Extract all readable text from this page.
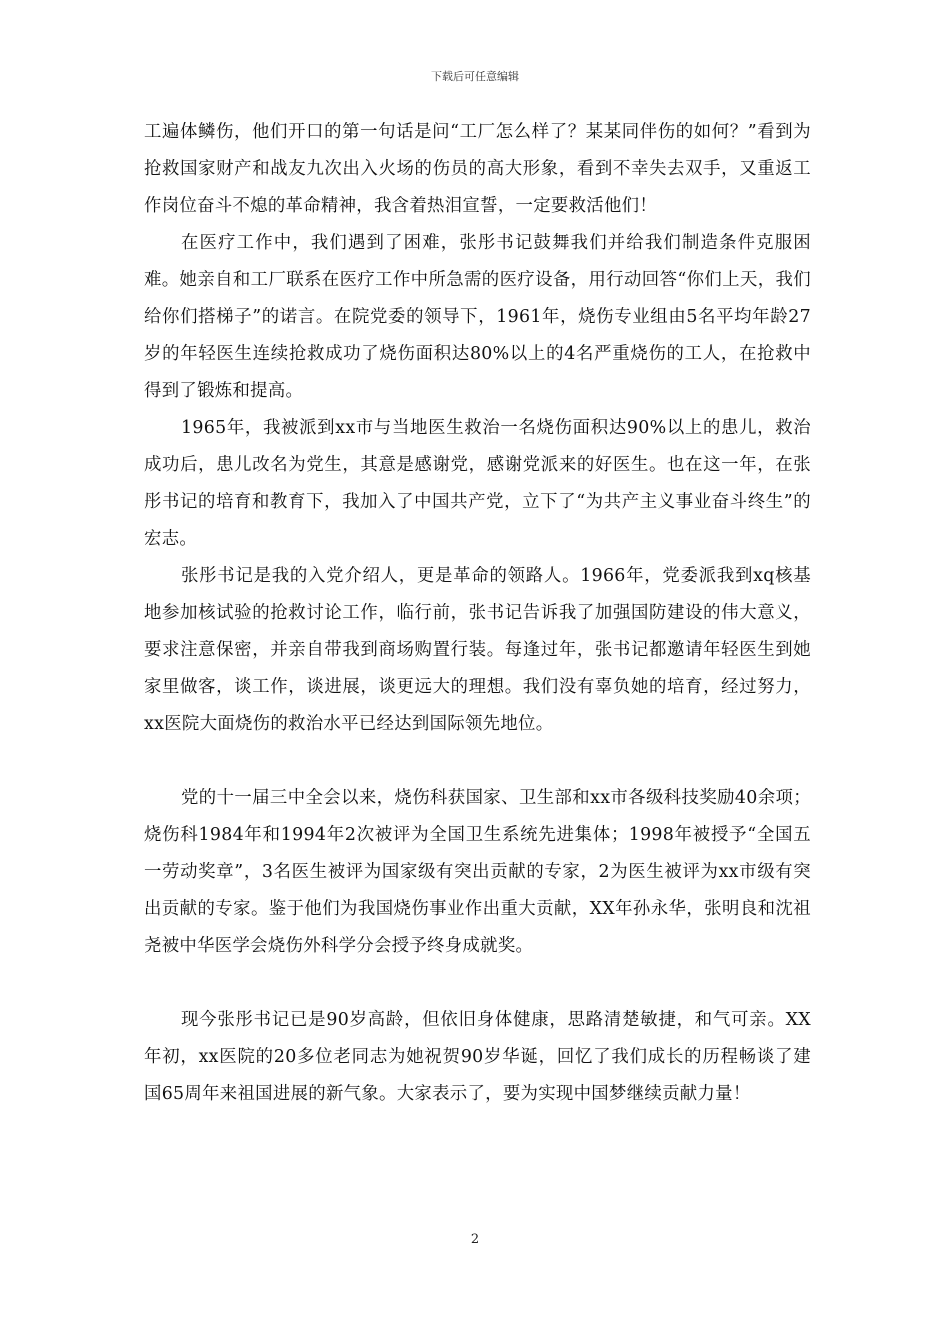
下载后可任意编辑

工遍体鳞伤，他们开口的第一句话是问“工厂怎么样了？某某同伴伤的如何？”看到为抢救国家财产和战友九次出入火场的伤员的高大形象，看到不幸失去双手，又重返工作岗位奋斗不熄的革命精神，我含着热泪宣誓，一定要救活他们！

在医疗工作中，我们遇到了困难，张彤书记鼓舞我们并给我们制造条件克服困难。她亲自和工厂联系在医疗工作中所急需的医疗设备，用行动回答“你们上天，我们给你们搭梯子”的诺言。在院党委的领导下，1961年，烧伤专业组由5名平均年龄27岁的年轻医生连续抢救成功了烧伤面积达80%以上的4名严重烧伤的工人，在抢救中得到了锻炼和提高。

1965年，我被派到xx市与当地医生救治一名烧伤面积达90%以上的患儿，救治成功后，患儿改名为党生，其意是感谢党，感谢党派来的好医生。也在这一年，在张彤书记的培育和教育下，我加入了中国共产党，立下了“为共产主义事业奋斗终生”的宏志。

张彤书记是我的入党介绍人，更是革命的领路人。1966年，党委派我到xq核基地参加核试验的抢救讨论工作，临行前，张书记告诉我了加强国防建设的伟大意义，要求注意保密，并亲自带我到商场购置行装。每逢过年，张书记都邀请年轻医生到她家里做客，谈工作，谈进展，谈更远大的理想。我们没有辜负她的培育，经过努力，xx医院大面烧伤的救治水平已经达到国际领先地位。

党的十一届三中全会以来，烧伤科获国家、卫生部和xx市各级科技奖励40余项；烧伤科1984年和1994年2次被评为全国卫生系统先进集体；1998年被授予“全国五一劳动奖章”，3名医生被评为国家级有突出贡献的专家，2为医生被评为xx市级有突出贡献的专家。鉴于他们为我国烧伤事业作出重大贡献，XX年孙永华，张明良和沈祖尧被中华医学会烧伤外科学分会授予终身成就奖。

现今张彤书记已是90岁高龄，但依旧身体健康，思路清楚敏捷，和气可亲。XX年初，xx医院的20多位老同志为她祝贺90岁华诞，回忆了我们成长的历程畅谈了建国65周年来祖国进展的新气象。大家表示了，要为实现中国梦继续贡献力量！

2
